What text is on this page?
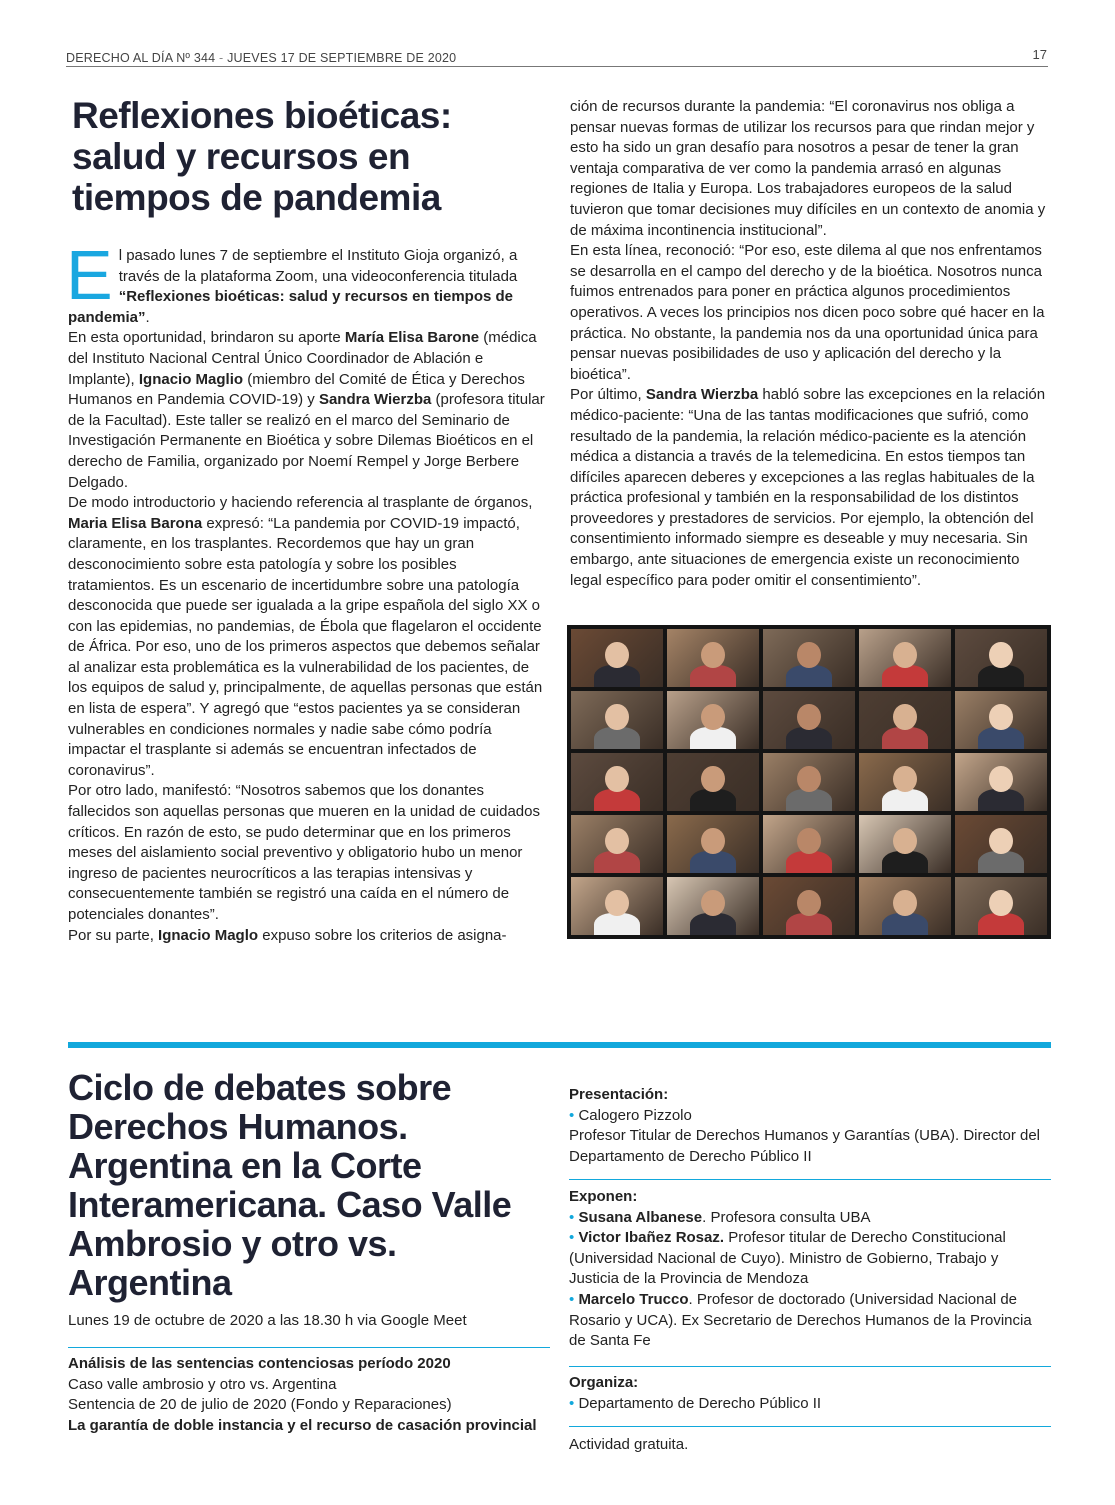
DERECHO AL DÍA Nº 344 - JUEVES 17 DE SEPTIEMBRE DE 2020	17
Reflexiones bioéticas: salud y recursos en tiempos de pandemia

El pasado lunes 7 de septiembre el Instituto Gioja organizó, a través de la plataforma Zoom, una videoconferencia titulada “Reflexiones bioéticas: salud y recursos en tiempos de pandemia”.

En esta oportunidad, brindaron su aporte María Elisa Barone (médica del Instituto Nacional Central Único Coordinador de Ablación e Implante), Ignacio Maglio (miembro del Comité de Ética y Derechos Humanos en Pandemia COVID-19) y Sandra Wierzba (profesora titular de la Facultad). Este taller se realizó en el marco del Seminario de Investigación Permanente en Bioética y sobre Dilemas Bioéticos en el derecho de Familia, organizado por Noemí Rempel y Jorge Berbere Delgado.

De modo introductorio y haciendo referencia al trasplante de órganos, Maria Elisa Barona expresó: “La pandemia por COVID-19 impactó, claramente, en los trasplantes. Recordemos que hay un gran desconocimiento sobre esta patología y sobre los posibles tratamientos. Es un escenario de incertidumbre sobre una patología desconocida que puede ser igualada a la gripe española del siglo XX o con las epidemias, no pandemias, de Ébola que flagelaron el occidente de África. Por eso, uno de los primeros aspectos que debemos señalar al analizar esta problemática es la vulnerabilidad de los pacientes, de los equipos de salud y, principalmente, de aquellas personas que están en lista de espera”. Y agregó que “estos pacientes ya se consideran vulnerables en condiciones normales y nadie sabe cómo podría impactar el trasplante si además se encuentran infectados de coronavirus”.

Por otro lado, manifestó: “Nosotros sabemos que los donantes fallecidos son aquellas personas que mueren en la unidad de cuidados críticos. En razón de esto, se pudo determinar que en los primeros meses del aislamiento social preventivo y obligatorio hubo un menor ingreso de pacientes neurocríticos a las terapias intensivas y consecuentemente también se registró una caída en el número de potenciales donantes”.

Por su parte, Ignacio Maglo expuso sobre los criterios de asigna-

ción de recursos durante la pandemia: “El coronavirus nos obliga a pensar nuevas formas de utilizar los recursos para que rindan mejor y esto ha sido un gran desafío para nosotros a pesar de tener la gran ventaja comparativa de ver como la pandemia arrasó en algunas regiones de Italia y Europa. Los trabajadores europeos de la salud tuvieron que tomar decisiones muy difíciles en un contexto de anomia y de máxima incontinencia institucional”.

En esta línea, reconoció: “Por eso, este dilema al que nos enfrentamos se desarrolla en el campo del derecho y de la bioética. Nosotros nunca fuimos entrenados para poner en práctica algunos procedimientos operativos. A veces los principios nos dicen poco sobre qué hacer en la práctica. No obstante, la pandemia nos da una oportunidad única para pensar nuevas posibilidades de uso y aplicación del derecho y la bioética”.

Por último, Sandra Wierzba habló sobre las excepciones en la relación médico-paciente: “Una de las tantas modificaciones que sufrió, como resultado de la pandemia, la relación médico-paciente es la atención médica a distancia a través de la telemedicina. En estos tiempos tan difíciles aparecen deberes y excepciones a las reglas habituales de la práctica profesional y también en la responsabilidad de los distintos proveedores y prestadores de servicios. Por ejemplo, la obtención del consentimiento informado siempre es deseable y muy necesaria. Sin embargo, ante situaciones de emergencia existe un reconocimiento legal específico para poder omitir el consentimiento”.

Ciclo de debates sobre Derechos Humanos. Argentina en la Corte Interamericana. Caso Valle Ambrosio y otro vs. Argentina
Lunes 19 de octubre de 2020 a las 18.30 h via Google Meet
Análisis de las sentencias contenciosas período 2020
Caso valle ambrosio y otro vs. Argentina
Sentencia de 20 de julio de 2020 (Fondo y Reparaciones)
La garantía de doble instancia y el recurso de casación provincial
Presentación:
• Calogero Pizzolo
Profesor Titular de Derechos Humanos y Garantías (UBA). Director del Departamento de Derecho Público II
Exponen:
• Susana Albanese. Profesora consulta UBA
• Victor Ibañez Rosaz. Profesor titular de Derecho Constitucional (Universidad Nacional de Cuyo). Ministro de Gobierno, Trabajo y Justicia de la Provincia de Mendoza
• Marcelo Trucco. Profesor de doctorado (Universidad Nacional de Rosario y UCA). Ex Secretario de Derechos Humanos de la Provincia de Santa Fe
Organiza:
• Departamento de Derecho Público II
Actividad gratuita.
